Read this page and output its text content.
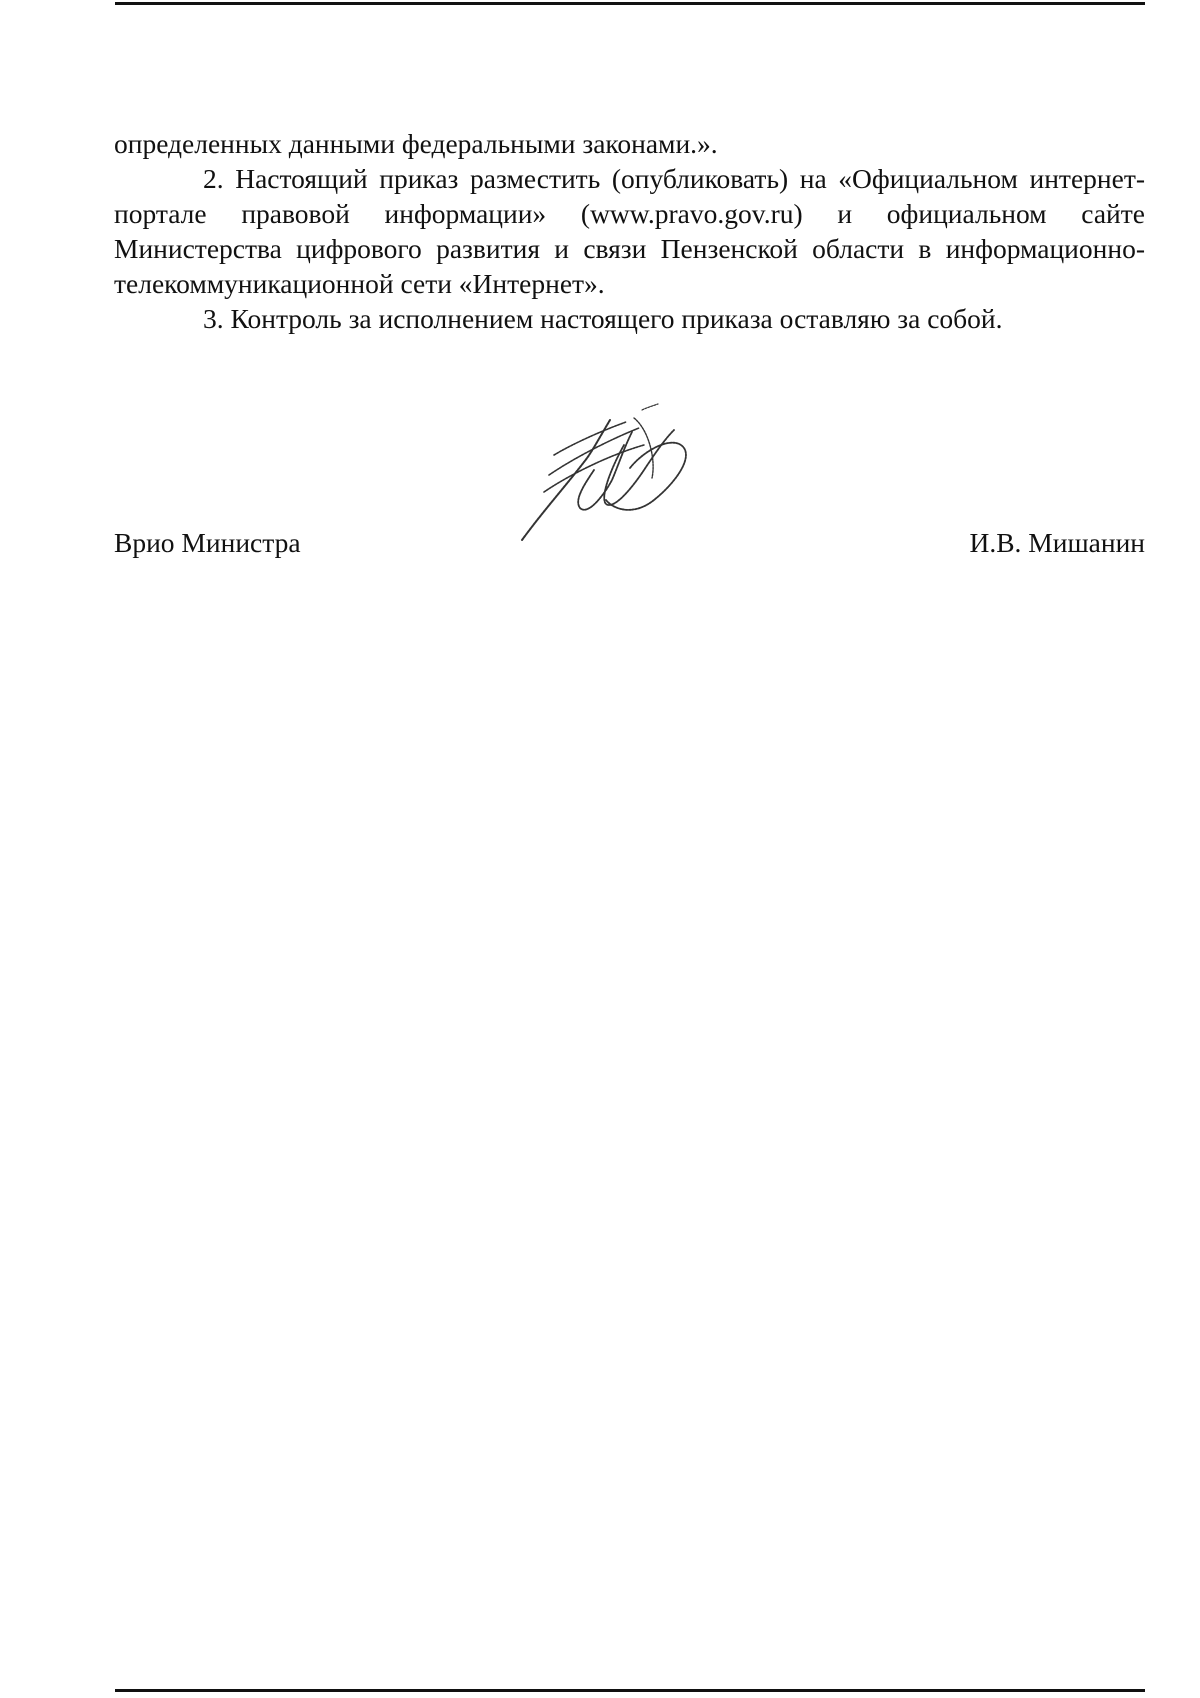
определенных данными федеральными законами.».

2. Настоящий приказ разместить (опубликовать) на «Официальном интернет-портале правовой информации» (www.pravo.gov.ru) и официальном сайте Министерства цифрового развития и связи Пензенской области в информационно-телекоммуникационной сети «Интернет».

3. Контроль за исполнением настоящего приказа оставляю за собой.

Врио Министра	И.В. Мишанин
